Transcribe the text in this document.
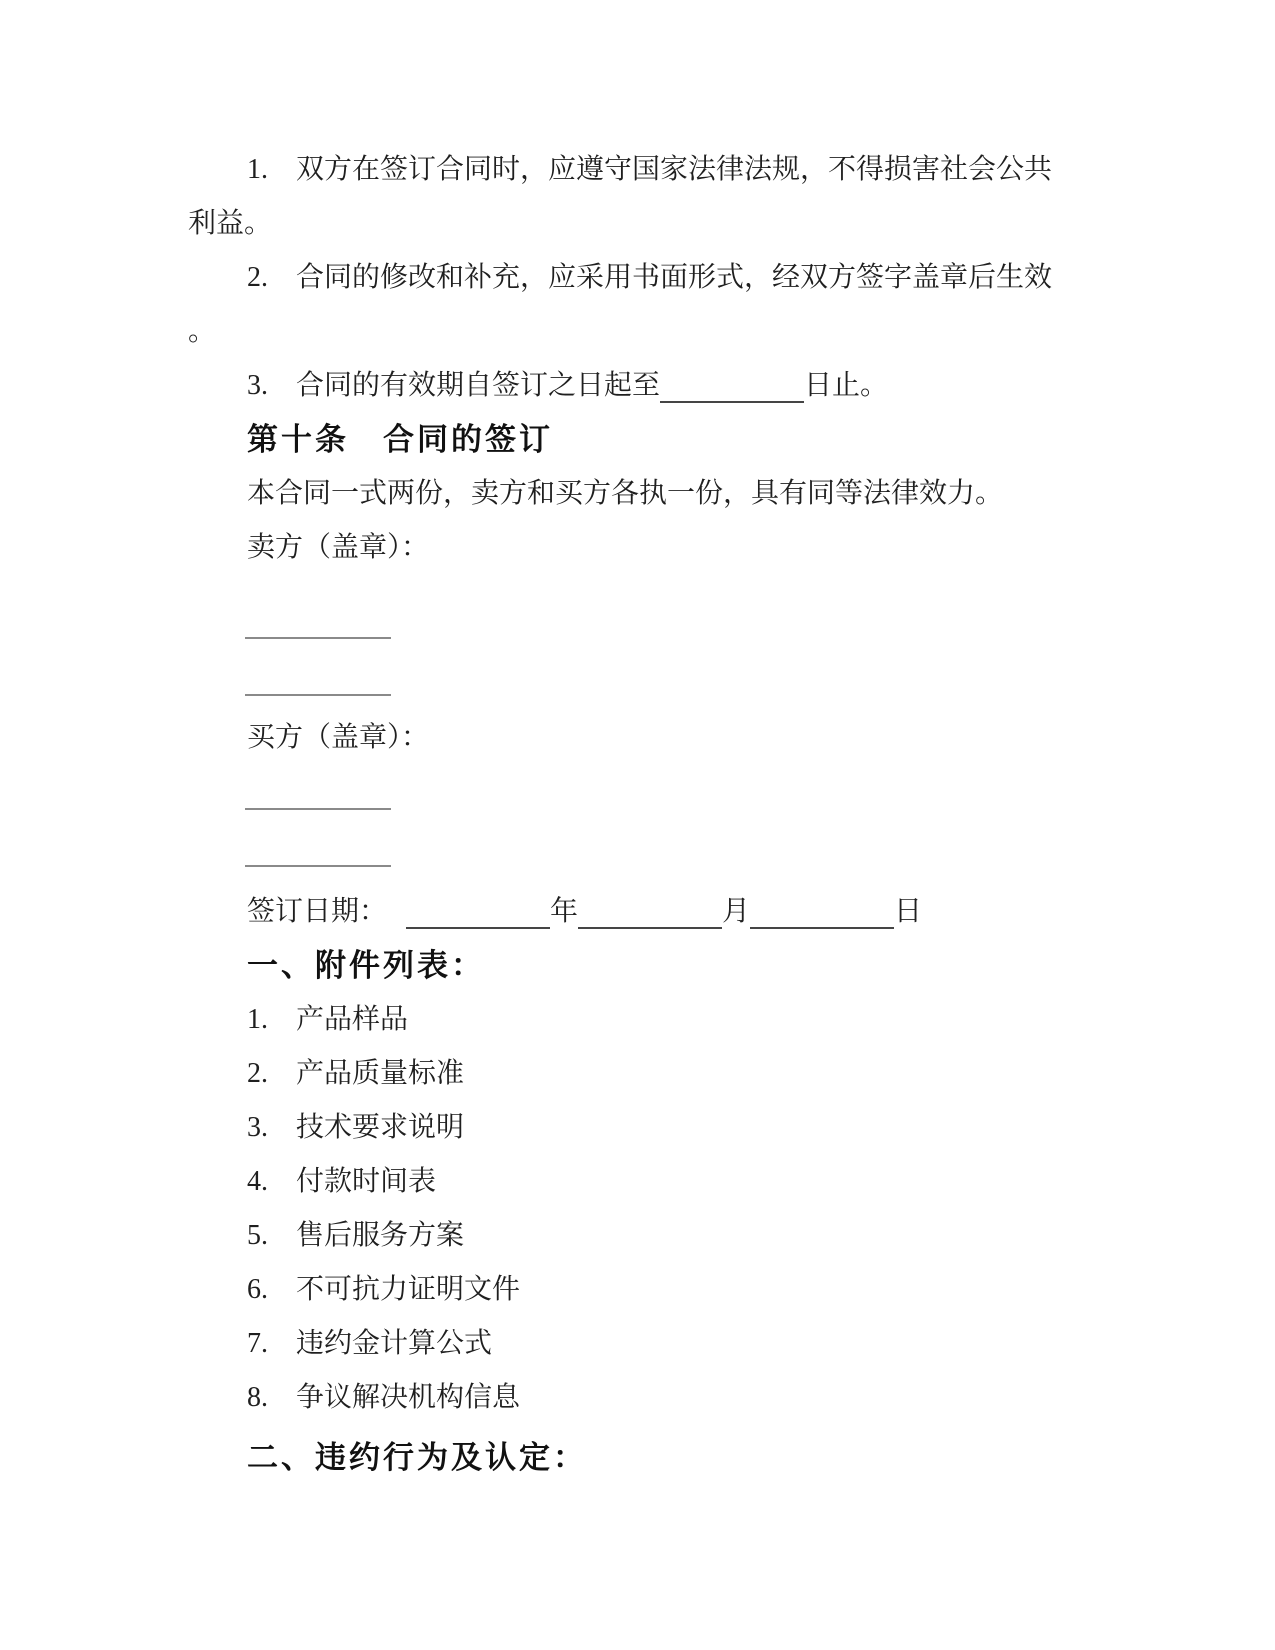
1.　双方在签订合同时，应遵守国家法律法规，不得损害社会公共
利益。
2.　合同的修改和补充，应采用书面形式，经双方签字盖章后生效
。
3.　合同的有效期自签订之日起至	日止。
第十条　合同的签订
本合同一式两份，卖方和买方各执一份，具有同等法律效力。
卖方（盖章）：
买方（盖章）：
签订日期：	年	月	日
一、附件列表：
1.　产品样品
2.　产品质量标准
3.　技术要求说明
4.　付款时间表
5.　售后服务方案
6.　不可抗力证明文件
7.　违约金计算公式
8.　争议解决机构信息
二、违约行为及认定：
